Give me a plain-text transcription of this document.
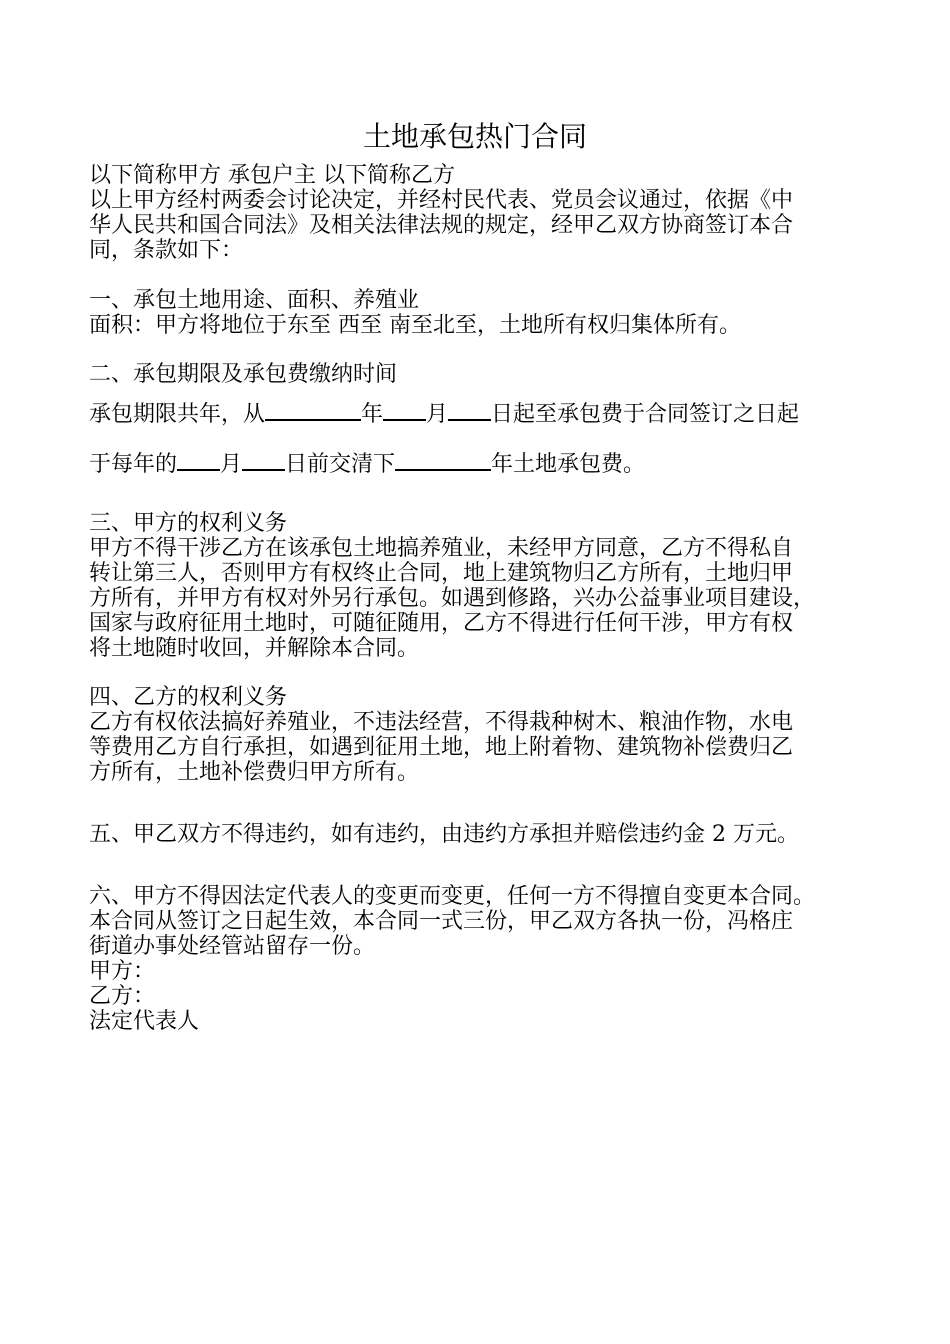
土地承包热门合同
以下简称甲方 承包户主 以下简称乙方
以上甲方经村两委会讨论决定，并经村民代表、党员会议通过，依据《中
华人民共和国合同法》及相关法律法规的规定，经甲乙双方协商签订本合
同，条款如下：
一、承包土地用途、面积、养殖业
面积：甲方将地位于东至 西至 南至北至，土地所有权归集体所有。
二、承包期限及承包费缴纳时间
承包期限共年，从	年 月 日起至承包费于合同签订之日起
于每年的 月 日前交清下	年土地承包费。
三、甲方的权利义务
甲方不得干涉乙方在该承包土地搞养殖业，未经甲方同意，乙方不得私自
转让第三人，否则甲方有权终止合同，地上建筑物归乙方所有，土地归甲
方所有，并甲方有权对外另行承包。如遇到修路，兴办公益事业项目建设，
国家与政府征用土地时，可随征随用，乙方不得进行任何干涉，甲方有权
将土地随时收回，并解除本合同。
四、乙方的权利义务
乙方有权依法搞好养殖业，不违法经营，不得栽种树木、粮油作物，水电
等费用乙方自行承担，如遇到征用土地，地上附着物、建筑物补偿费归乙
方所有，土地补偿费归甲方所有。
五、甲乙双方不得违约，如有违约，由违约方承担并赔偿违约金 2 万元。
六、甲方不得因法定代表人的变更而变更，任何一方不得擅自变更本合同。
本合同从签订之日起生效，本合同一式三份，甲乙双方各执一份，冯格庄
街道办事处经管站留存一份。
甲方：
乙方：
法定代表人
